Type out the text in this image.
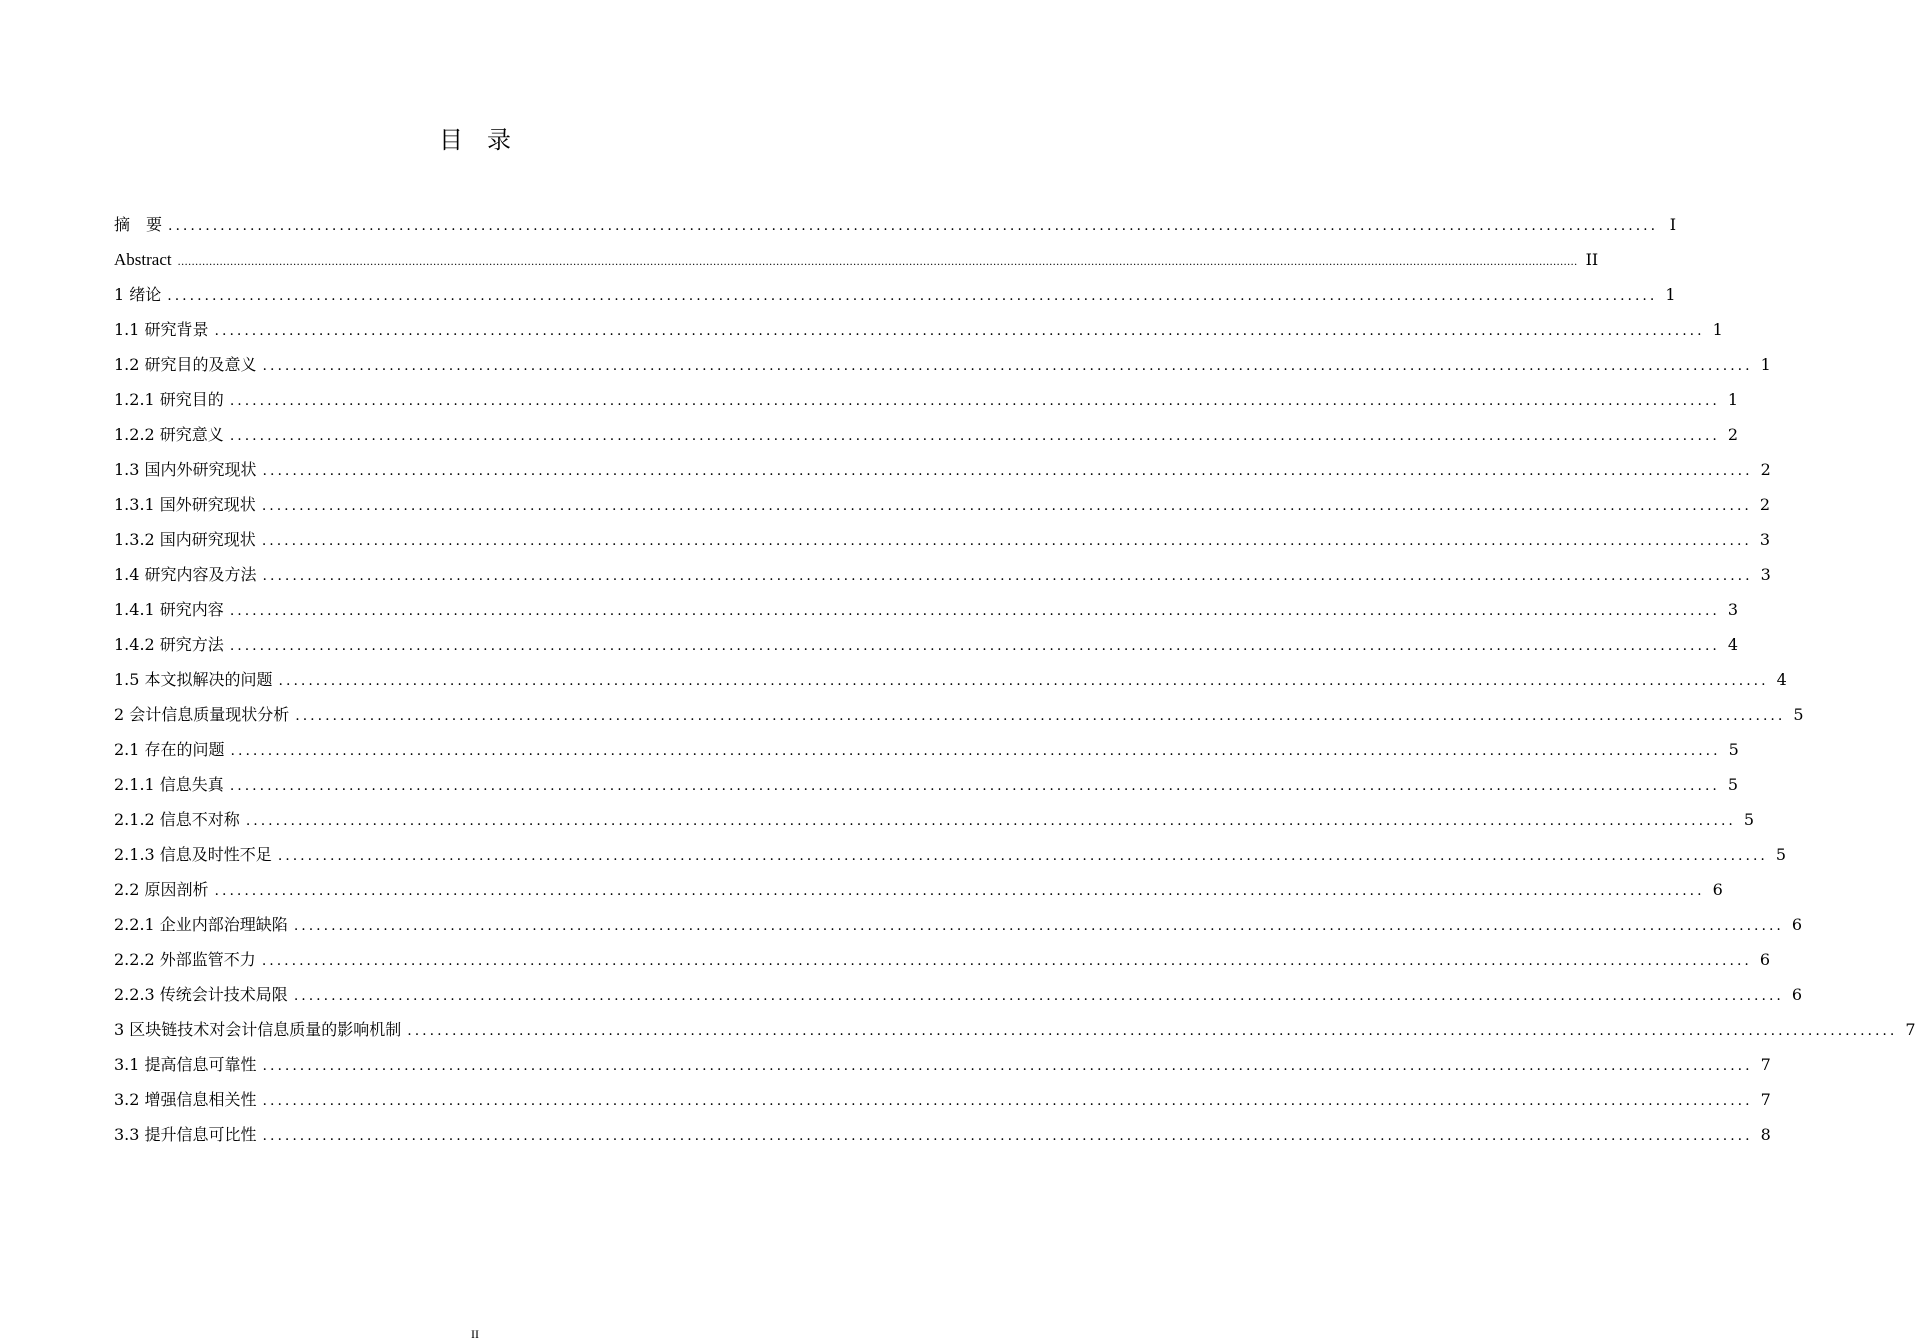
目　录
摘　要 ........................................................................................................................................................................................................ I
Abstract ................................................................................................................................................................................................................................................................................................................................................................................................................ II
1 绪论 ........................................................................................................................................................................................................ 1
1.1 研究背景 ........................................................................................................................................................................................................ 1
1.2 研究目的及意义 ........................................................................................................................................................................................................ 1
1.2.1 研究目的 ........................................................................................................................................................................................................ 1
1.2.2 研究意义 ........................................................................................................................................................................................................ 2
1.3 国内外研究现状 ........................................................................................................................................................................................................ 2
1.3.1 国外研究现状 ........................................................................................................................................................................................................ 2
1.3.2 国内研究现状 ........................................................................................................................................................................................................ 3
1.4 研究内容及方法 ........................................................................................................................................................................................................ 3
1.4.1 研究内容 ........................................................................................................................................................................................................ 3
1.4.2 研究方法 ........................................................................................................................................................................................................ 4
1.5 本文拟解决的问题 ........................................................................................................................................................................................................ 4
2 会计信息质量现状分析 ........................................................................................................................................................................................................ 5
2.1 存在的问题 ........................................................................................................................................................................................................ 5
2.1.1 信息失真 ........................................................................................................................................................................................................ 5
2.1.2 信息不对称 ........................................................................................................................................................................................................ 5
2.1.3 信息及时性不足 ........................................................................................................................................................................................................ 5
2.2 原因剖析 ........................................................................................................................................................................................................ 6
2.2.1 企业内部治理缺陷 ........................................................................................................................................................................................................ 6
2.2.2 外部监管不力 ........................................................................................................................................................................................................ 6
2.2.3 传统会计技术局限 ........................................................................................................................................................................................................ 6
3 区块链技术对会计信息质量的影响机制 ........................................................................................................................................................................................................ 7
3.1 提高信息可靠性 ........................................................................................................................................................................................................ 7
3.2 增强信息相关性 ........................................................................................................................................................................................................ 7
3.3 提升信息可比性 ........................................................................................................................................................................................................ 8
II
